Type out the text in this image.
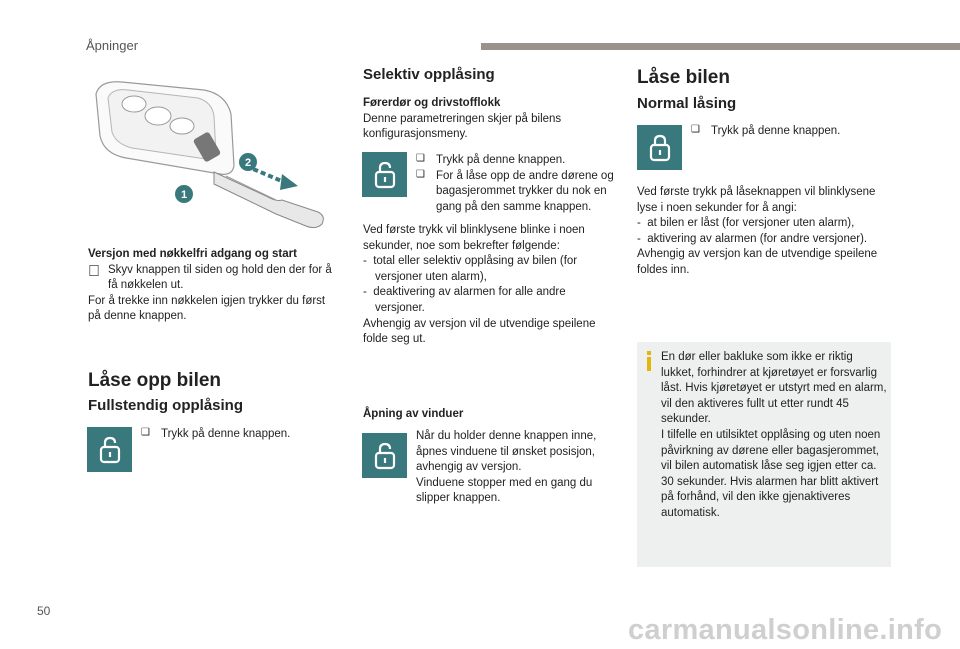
Åpninger
1
2

Versjon med nøkkelfri adgang og start

Skyv knappen til siden og hold den der for å få nøkkelen ut.

For å trekke inn nøkkelen igjen trykker du først på denne knappen.

Låse opp bilen
Fullstendig opplåsing
❑ Trykk på denne knappen.

Selektiv opplåsing

Førerdør og drivstofflokk

Denne parametreringen skjer på bilens konfigurasjonsmeny.

❑ Trykk på denne knappen.

❑ For å låse opp de andre dørene og bagasjerommet trykker du nok en gang på den samme knappen.

Ved første trykk vil blinklysene blinke i noen sekunder, noe som bekrefter følgende:

-  total eller selektiv opplåsing av bilen (for versjoner uten alarm),

-  deaktivering av alarmen for alle andre versjoner.

Avhengig av versjon vil de utvendige speilene folde seg ut.

Åpning av vinduer

Når du holder denne knappen inne, åpnes vinduene til ønsket posisjon, avhengig av versjon.

Vinduene stopper med en gang du slipper knappen.

Låse bilen
Normal låsing
❑ Trykk på denne knappen.

Ved første trykk på låseknappen vil blinklysene lyse i noen sekunder for å angi:

-  at bilen er låst (for versjoner uten alarm),

-  aktivering av alarmen (for andre versjoner).

Avhengig av versjon kan de utvendige speilene foldes inn.

En dør eller bakluke som ikke er riktig lukket, forhindrer at kjøretøyet er forsvarlig låst. Hvis kjøretøyet er utstyrt med en alarm, vil den aktiveres fullt ut etter rundt 45 sekunder.

I tilfelle en utilsiktet opplåsing og uten noen påvirkning av dørene eller bagasjerommet, vil bilen automatisk låse seg igjen etter ca. 30 sekunder. Hvis alarmen har blitt aktivert på forhånd, vil den ikke gjenaktiveres automatisk.

50
carmanualsonline.info
